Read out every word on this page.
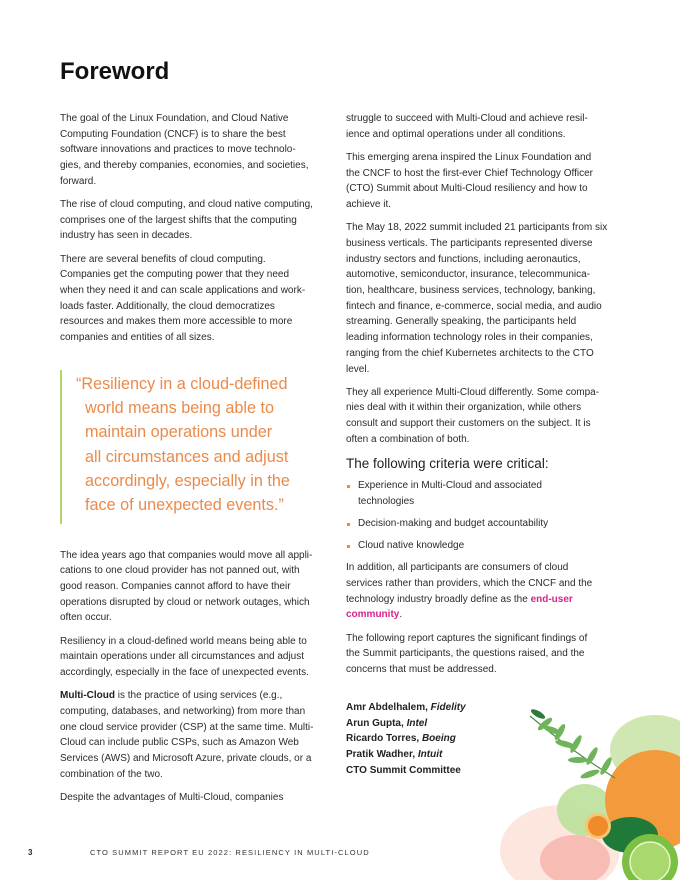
Foreword

The goal of the Linux Foundation, and Cloud Native
Computing Foundation (CNCF) is to share the best
software innovations and practices to move technolo-
gies, and thereby companies, economies, and societies,
forward.

The rise of cloud computing, and cloud native computing,
comprises one of the largest shifts that the computing
industry has seen in decades.

There are several benefits of cloud computing.
Companies get the computing power that they need
when they need it and can scale applications and work-
loads faster. Additionally, the cloud democratizes
resources and makes them more accessible to more
companies and entities of all sizes.

“Resiliency in a cloud-defined
world means being able to
maintain operations under
all circumstances and adjust
accordingly, especially in the
face of unexpected events.”

The idea years ago that companies would move all appli-
cations to one cloud provider has not panned out, with
good reason. Companies cannot afford to have their
operations disrupted by cloud or network outages, which
often occur.

Resiliency in a cloud-defined world means being able to
maintain operations under all circumstances and adjust
accordingly, especially in the face of unexpected events.

Multi-Cloud is the practice of using services (e.g.,
computing, databases, and networking) from more than
one cloud service provider (CSP) at the same time. Multi-
Cloud can include public CSPs, such as Amazon Web
Services (AWS) and Microsoft Azure, private clouds, or a
combination of the two.

Despite the advantages of Multi-Cloud, companies

struggle to succeed with Multi-Cloud and achieve resil-
ience and optimal operations under all conditions.

This emerging arena inspired the Linux Foundation and
the CNCF to host the first-ever Chief Technology Officer
(CTO) Summit about Multi-Cloud resiliency and how to
achieve it.

The May 18, 2022 summit included 21 participants from six
business verticals. The participants represented diverse
industry sectors and functions, including aeronautics,
automotive, semiconductor, insurance, telecommunica-
tion, healthcare, business services, technology, banking,
fintech and finance, e-commerce, social media, and audio
streaming. Generally speaking, the participants held
leading information technology roles in their companies,
ranging from the chief Kubernetes architects to the CTO
level.

They all experience Multi-Cloud differently. Some compa-
nies deal with it within their organization, while others
consult and support their customers on the subject. It is
often a combination of both.

The following criteria were critical:
Experience in Multi-Cloud and associated
technologies
Decision-making and budget accountability
Cloud native knowledge

In addition, all participants are consumers of cloud
services rather than providers, which the CNCF and the
technology industry broadly define as the end-user
community.

The following report captures the significant findings of
the Summit participants, the questions raised, and the
concerns that must be addressed.

Amr Abdelhalem, Fidelity
Arun Gupta, Intel
Ricardo Torres, Boeing
Pratik Wadher, Intuit
CTO Summit Committee
3	CTO SUMMIT REPORT EU 2022: RESILIENCY IN MULTI-CLOUD
